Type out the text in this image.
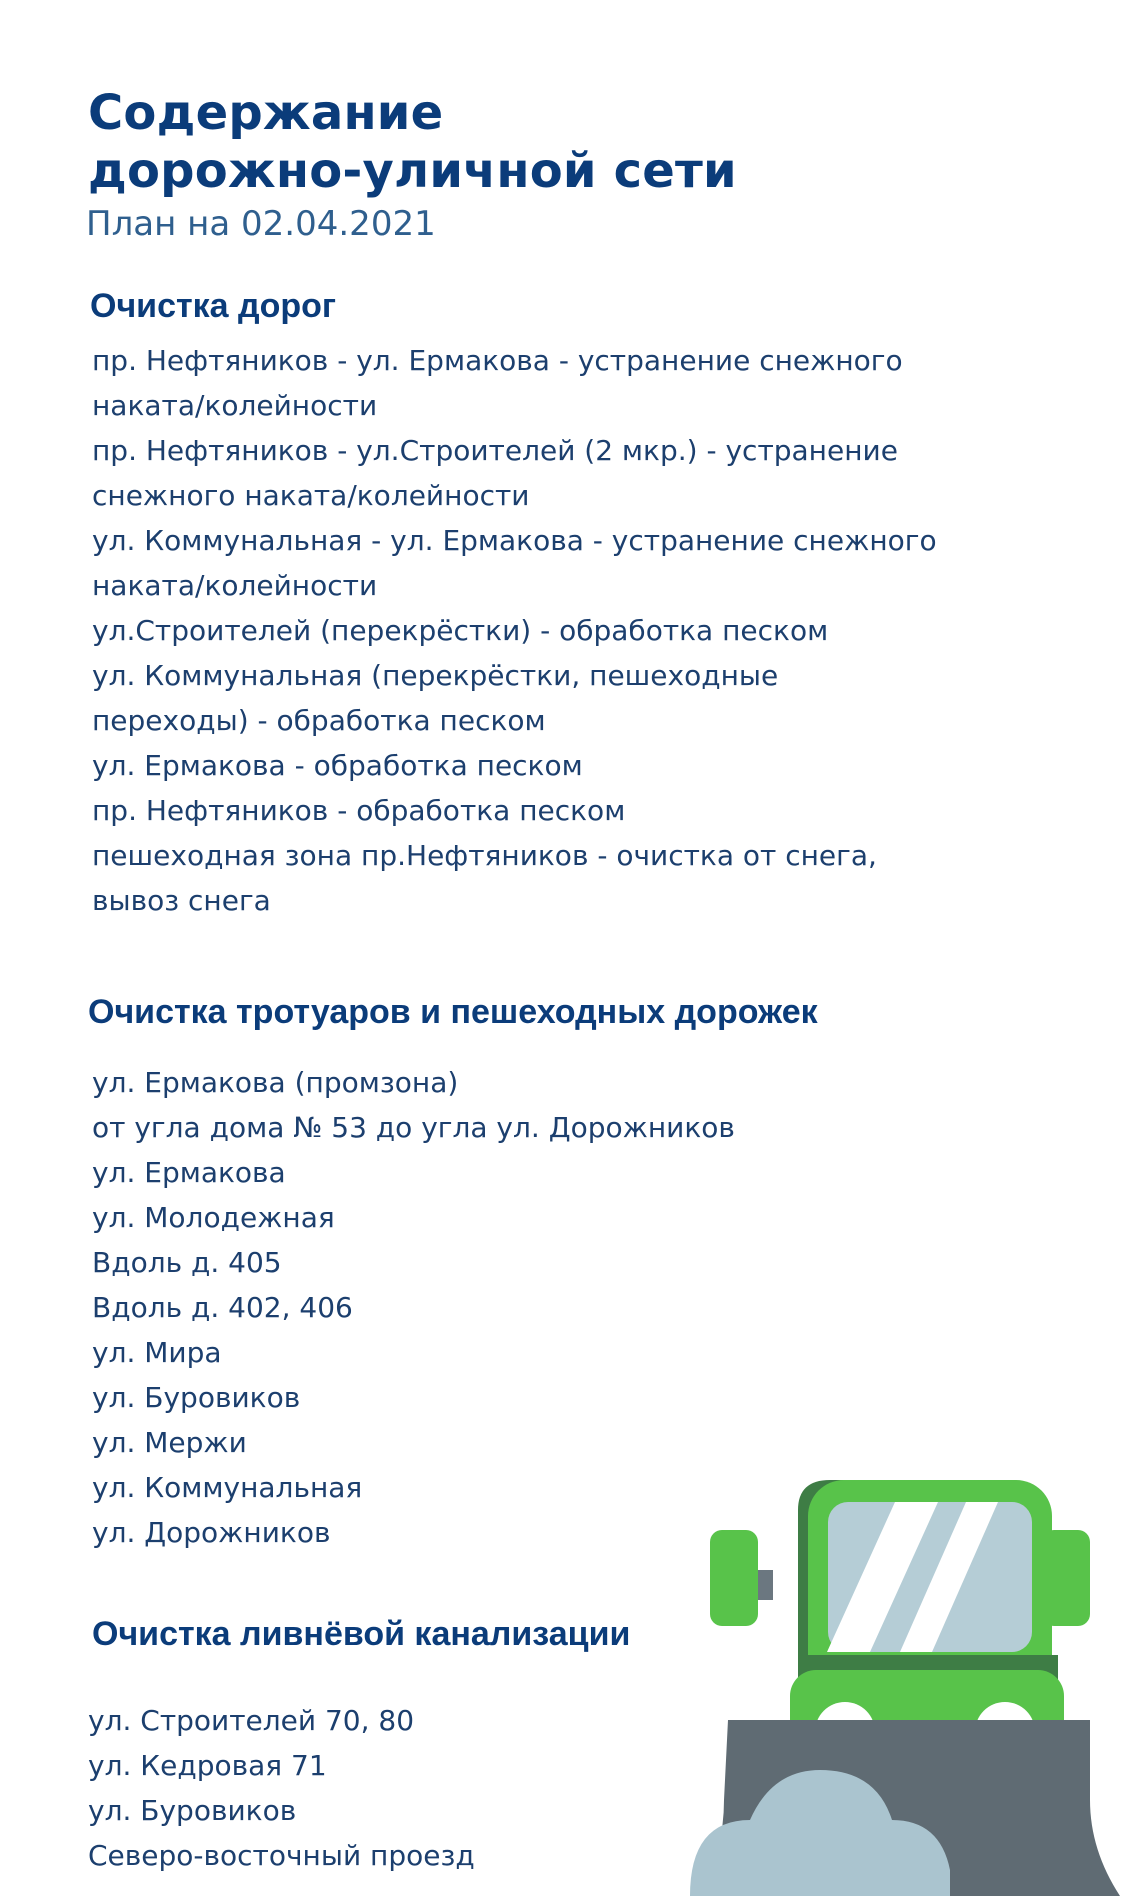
Содержание
дорожно-уличной сети
План на 02.04.2021
Очистка дорог
пр. Нефтяников - ул. Ермакова - устранение снежного
наката/колейности
пр. Нефтяников - ул.Строителей (2 мкр.) - устранение
снежного наката/колейности
ул. Коммунальная - ул. Ермакова - устранение снежного
наката/колейности
ул.Строителей (перекрёстки) - обработка песком
ул. Коммунальная (перекрёстки, пешеходные
переходы) - обработка песком
ул. Ермакова - обработка песком
пр. Нефтяников - обработка песком
пешеходная зона пр.Нефтяников - очистка от снега,
вывоз снега
Очистка тротуаров и пешеходных дорожек
ул. Ермакова (промзона)
от угла дома № 53 до угла ул. Дорожников
ул. Ермакова
ул. Молодежная
Вдоль д. 405
Вдоль д. 402, 406
ул. Мира
ул. Буровиков
ул. Мержи
ул. Коммунальная
ул. Дорожников
Очистка ливнёвой канализации
ул. Строителей 70, 80
ул. Кедровая 71
ул. Буровиков
Северо-восточный проезд
